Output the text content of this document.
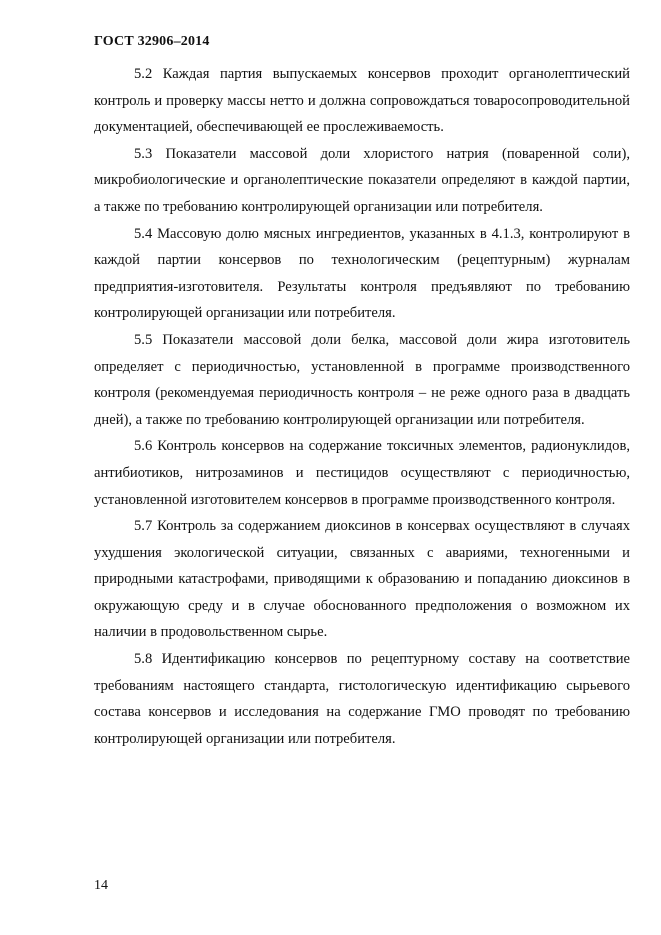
ГОСТ 32906–2014

5.2 Каждая партия выпускаемых консервов проходит органолептический контроль и проверку массы нетто и должна сопровождаться товаросопроводительной документацией, обеспечивающей ее прослеживаемость.

5.3 Показатели массовой доли хлористого натрия (поваренной соли), микробиологические и органолептические показатели определяют в каждой партии, а также по требованию контролирующей организации или потребителя.

5.4 Массовую долю мясных ингредиентов, указанных в 4.1.3, контролируют в каждой партии консервов по технологическим (рецептурным) журналам предприятия-изготовителя. Результаты контроля предъявляют по требованию контролирующей организации или потребителя.

5.5 Показатели массовой доли белка, массовой доли жира изготовитель определяет с периодичностью, установленной в программе производственного контроля (рекомендуемая периодичность контроля – не реже одного раза в двадцать дней), а также по требованию контролирующей организации или потребителя.

5.6 Контроль консервов на содержание токсичных элементов, радионуклидов, антибиотиков, нитрозаминов и пестицидов осуществляют с периодичностью, установленной изготовителем консервов в программе производственного контроля.

5.7 Контроль за содержанием диоксинов в консервах осуществляют в случаях ухудшения экологической ситуации, связанных с авариями, техногенными и природными катастрофами, приводящими к образованию и попаданию диоксинов в окружающую среду и в случае обоснованного предположения о возможном их наличии в продовольственном сырье.

5.8 Идентификацию консервов по рецептурному составу на соответствие требованиям настоящего стандарта, гистологическую идентификацию сырьевого состава консервов и исследования на содержание ГМО проводят по требованию контролирующей организации или потребителя.

14
